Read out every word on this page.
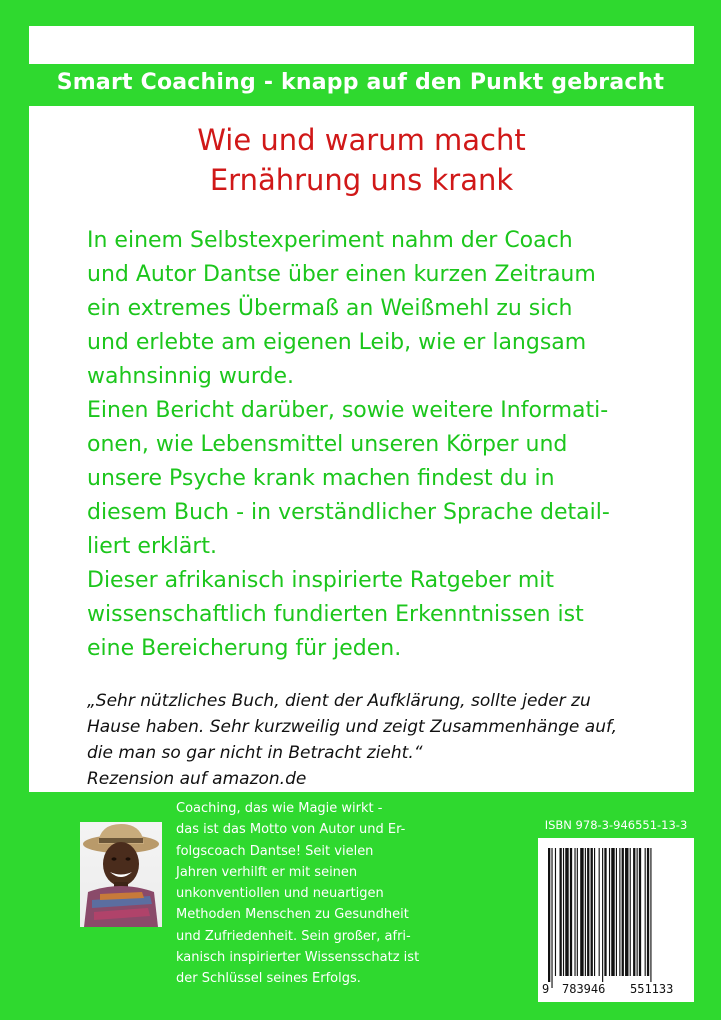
Smart Coaching - knapp auf den Punkt gebracht
Wie und warum macht
Ernährung uns krank
In einem Selbstexperiment nahm der Coach
und Autor Dantse über einen kurzen Zeitraum
ein extremes Übermaß an Weißmehl zu sich
und erlebte am eigenen Leib, wie er langsam
wahnsinnig wurde.
Einen Bericht darüber, sowie weitere Informati-
onen, wie Lebensmittel unseren Körper und
unsere Psyche krank machen findest du in
diesem Buch - in verständlicher Sprache detail-
liert erklärt.
Dieser afrikanisch inspirierte Ratgeber mit
wissenschaftlich fundierten Erkenntnissen ist
eine Bereicherung für jeden.
„Sehr nützliches Buch, dient der Aufklärung, sollte jeder zu
Hause haben. Sehr kurzweilig und zeigt Zusammenhänge auf,
die man so gar nicht in Betracht zieht.“
Rezension auf amazon.de
Coaching, das wie Magie wirkt -
das ist das Motto von Autor und Er-
folgscoach Dantse! Seit vielen
Jahren verhilft er mit seinen
unkonventiollen und neuartigen
Methoden Menschen zu Gesundheit
und Zufriedenheit. Sein großer, afri-
kanisch inspirierter Wissensschatz ist
der Schlüssel seines Erfolgs.
ISBN 978-3-946551-13-3
9 783946 551133
